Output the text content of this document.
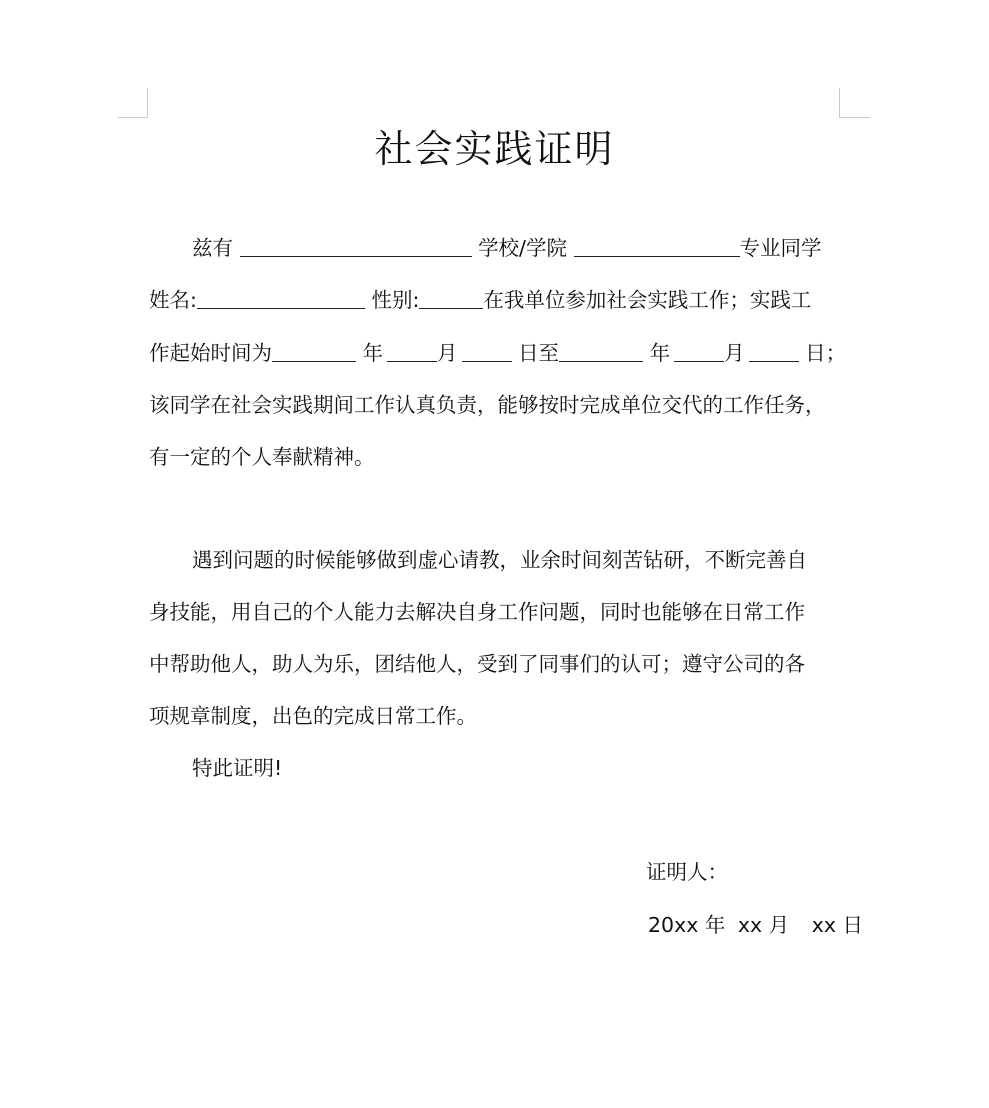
社会实践证明
兹有	学校/学院	专业同学
姓名:	性别:	在我单位参加社会实践工作；实践工
作起始时间为	年	月	日至	年	月	日；
该同学在社会实践期间工作认真负责，能够按时完成单位交代的工作任务，
有一定的个人奉献精神。
遇到问题的时候能够做到虚心请教，业余时间刻苦钻研，不断完善自
身技能，用自己的个人能力去解决自身工作问题，同时也能够在日常工作
中帮助他人，助人为乐，团结他人，受到了同事们的认可；遵守公司的各
项规章制度，出色的完成日常工作。
特此证明!
证明人：
20xx 年 xx 月 xx 日
